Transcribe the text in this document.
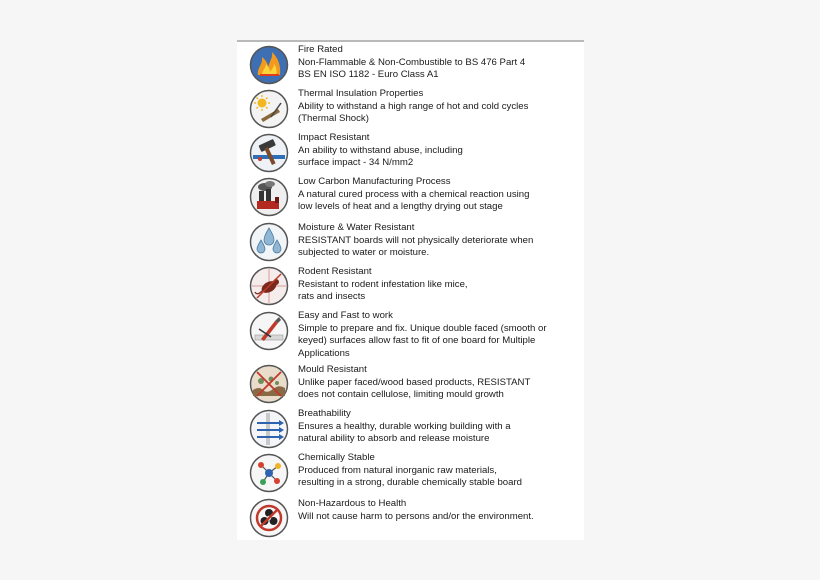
Fire Rated
Non-Flammable & Non-Combustible to BS 476 Part 4
BS EN ISO 1182 - Euro Class A1
Thermal Insulation Properties
Ability to withstand a high range of hot and cold cycles
(Thermal Shock)
Impact Resistant
An ability to withstand abuse, including
surface impact - 34 N/mm2
Low Carbon Manufacturing Process
A natural cured process with a chemical reaction using
low levels of heat and a lengthy drying out stage
Moisture & Water Resistant
RESISTANT boards will not physically deteriorate when
subjected to water or moisture.
Rodent Resistant
Resistant to rodent infestation like mice,
rats and insects
Easy and Fast to work
Simple to prepare and fix. Unique double faced (smooth or
keyed) surfaces allow fast to fit of one board for Multiple
Applications
Mould Resistant
Unlike paper faced/wood based products, RESISTANT
does not contain cellulose, limiting mould growth
Breathability
Ensures a healthy, durable working building with a
natural ability to absorb and release moisture
Chemically Stable
Produced from natural inorganic raw materials,
resulting in a strong, durable chemically stable board
Non-Hazardous to Health
Will not cause harm to persons and/or the environment.
